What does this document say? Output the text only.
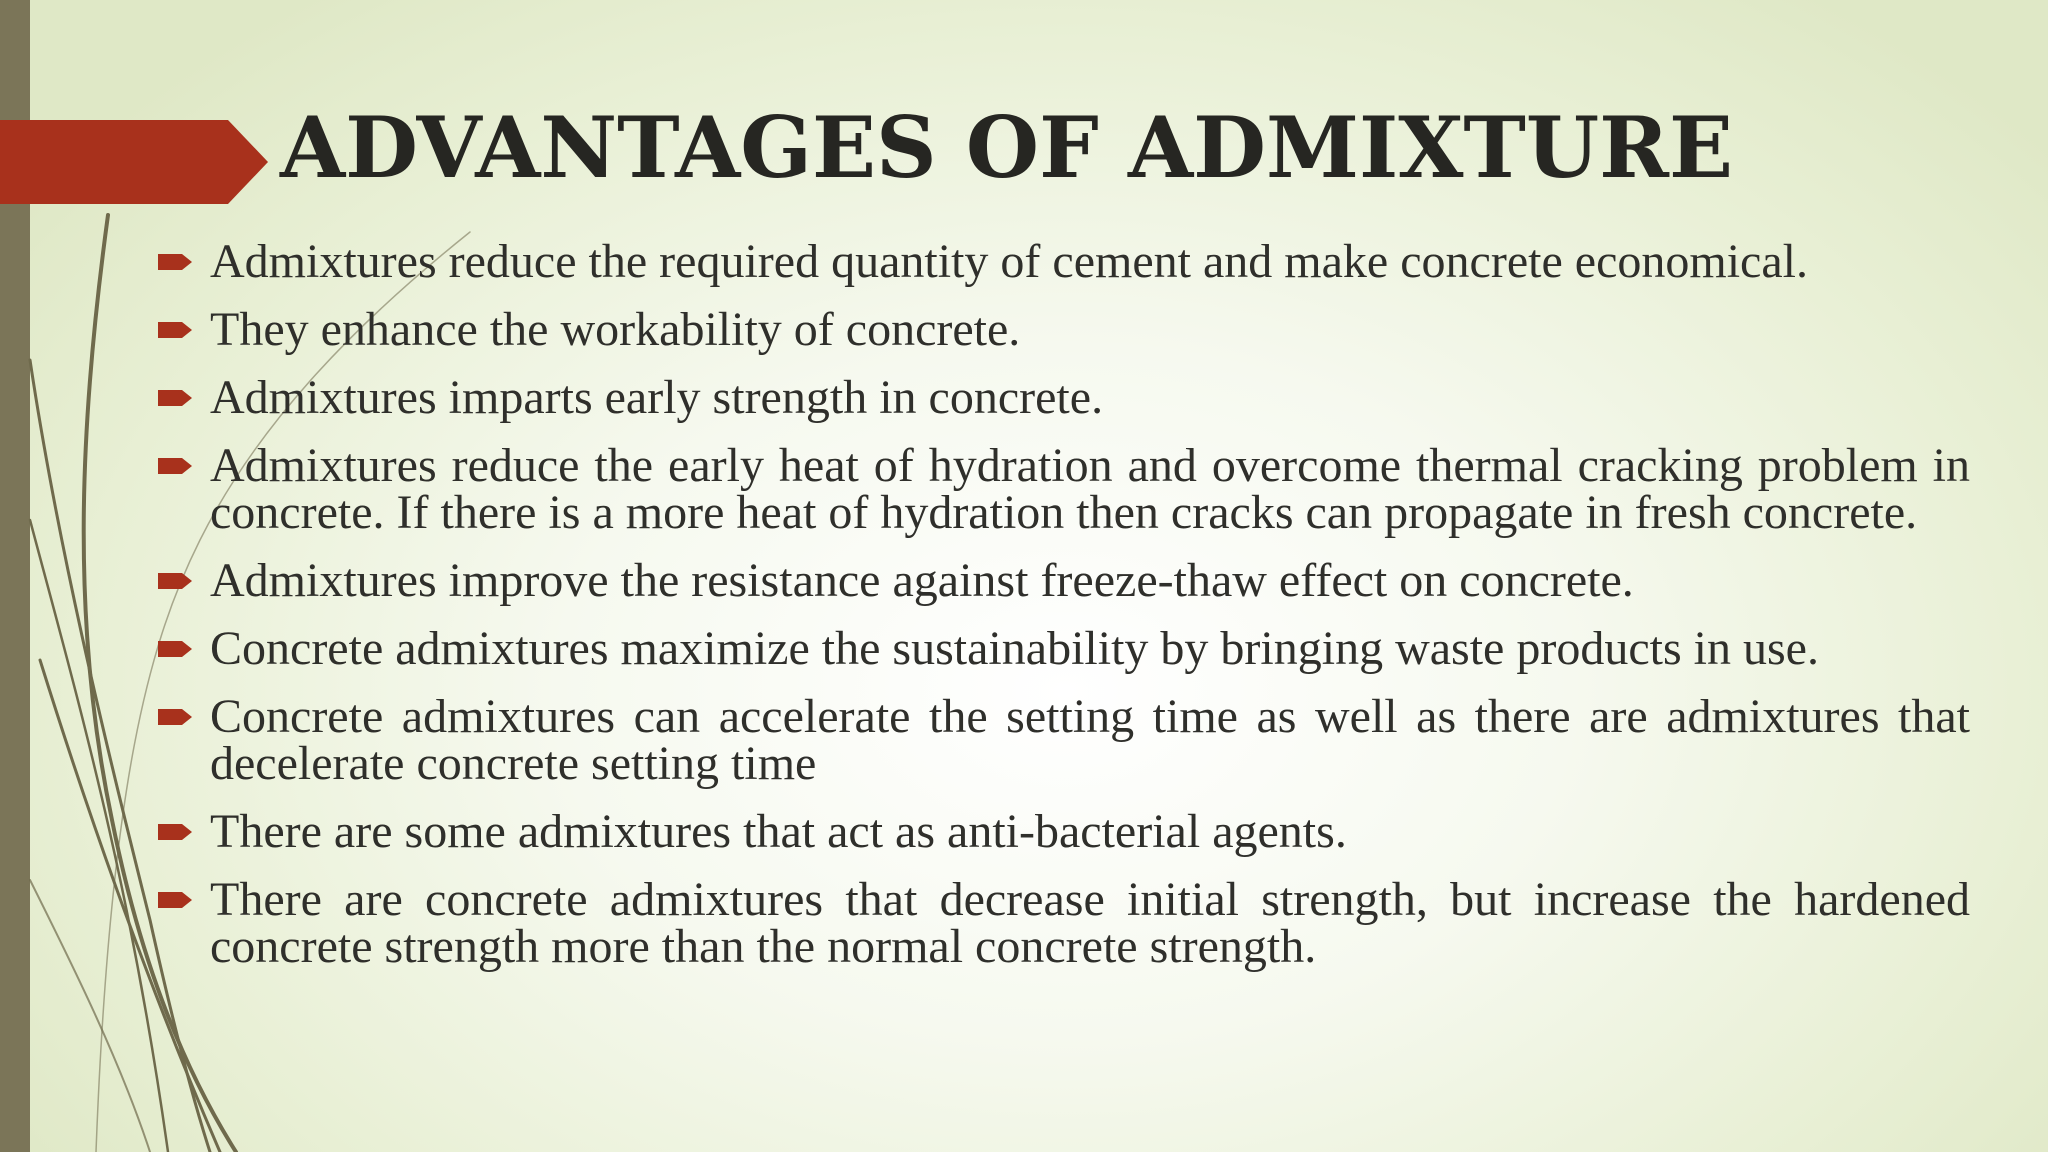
ADVANTAGES OF ADMIXTURE
Admixtures reduce the required quantity of cement and make concrete economical.
They enhance the workability of concrete.
Admixtures imparts early strength in concrete.
Admixtures reduce the early heat of hydration and overcome thermal cracking problem in concrete. If there is a more heat of hydration then cracks can propagate in fresh concrete.
Admixtures improve the resistance against freeze-thaw effect on concrete.
Concrete admixtures maximize the sustainability by bringing waste products in use.
Concrete admixtures can accelerate the setting time as well as there are admixtures that decelerate concrete setting time
There are some admixtures that act as anti-bacterial agents.
There are concrete admixtures that decrease initial strength, but increase the hardened concrete strength more than the normal concrete strength.
